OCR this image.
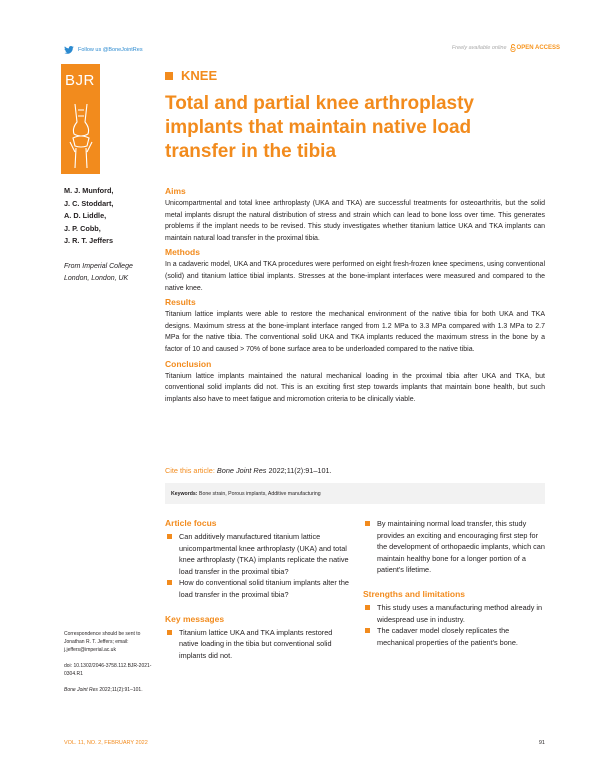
Follow us @BoneJointRes	Freely available online OPEN ACCESS
BJR	KNEE
Total and partial knee arthroplasty implants that maintain native load transfer in the tibia
M. J. Munford,
J. C. Stoddart,
A. D. Liddle,
J. P. Cobb,
J. R. T. Jeffers
From Imperial College London, London, UK
Aims

Unicompartmental and total knee arthroplasty (UKA and TKA) are successful treatments for osteoarthritis, but the solid metal implants disrupt the natural distribution of stress and strain which can lead to bone loss over time. This generates problems if the implant needs to be revised. This study investigates whether titanium lattice UKA and TKA implants can maintain natural load transfer in the proximal tibia.

Methods

In a cadaveric model, UKA and TKA procedures were performed on eight fresh-frozen knee specimens, using conventional (solid) and titanium lattice tibial implants. Stresses at the bone-implant interfaces were measured and compared to the native knee.

Results

Titanium lattice implants were able to restore the mechanical environment of the native tibia for both UKA and TKA designs. Maximum stress at the bone-implant interface ranged from 1.2 MPa to 3.3 MPa compared with 1.3 MPa to 2.7 MPa for the native tibia. The conventional solid UKA and TKA implants reduced the maximum stress in the bone by a factor of 10 and caused > 70% of bone surface area to be underloaded compared to the native tibia.

Conclusion

Titanium lattice implants maintained the natural mechanical loading in the proximal tibia after UKA and TKA, but conventional solid implants did not. This is an exciting first step towards implants that maintain bone health, but such implants also have to meet fatigue and micromotion criteria to be clinically viable.

Cite this article: Bone Joint Res 2022;11(2):91–101.
Keywords: Bone strain, Porous implants, Additive manufacturing
Article focus
Can additively manufactured titanium lattice unicompartmental knee arthroplasty (UKA) and total knee arthroplasty (TKA) implants replicate the native load transfer in the proximal tibia?
How do conventional solid titanium implants alter the load transfer in the proximal tibia?
Key messages
Titanium lattice UKA and TKA implants restored native loading in the tibia but conventional solid implants did not.
By maintaining normal load transfer, this study provides an exciting and encouraging first step for the development of orthopaedic implants, which can maintain healthy bone for a longer portion of a patient's lifetime.
Strengths and limitations
This study uses a manufacturing method already in widespread use in industry.
The cadaver model closely replicates the mechanical properties of the patient's bone.
Correspondence should be sent to Jonathan R. T. Jeffers; email: j.jeffers@imperial.ac.uk
doi: 10.1302/2046-3758.112.BJR-2021-0304.R1
Bone Joint Res 2022;11(2):91–101.
VOL. 11, NO. 2, FEBRUARY 2022	91
